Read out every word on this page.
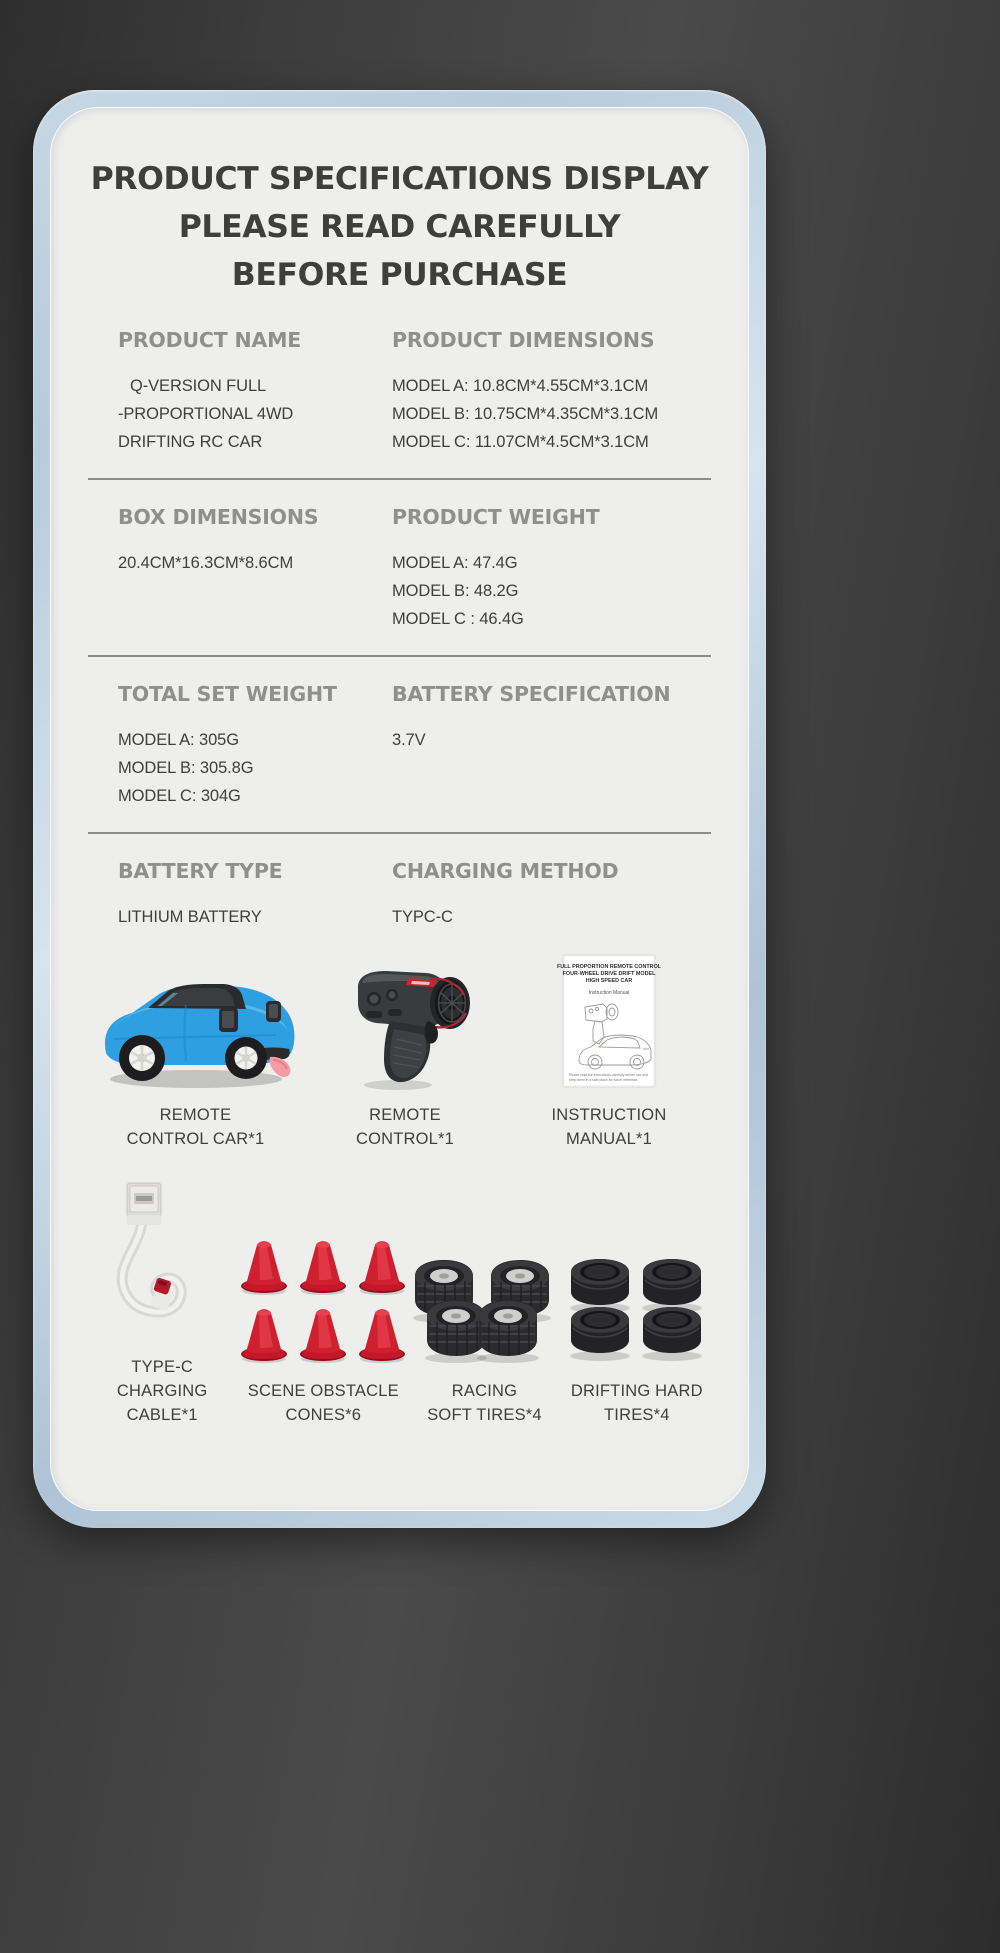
PRODUCT SPECIFICATIONS DISPLAY
PLEASE READ CAREFULLY
BEFORE PURCHASE
PRODUCT NAME
Q-VERSION FULL
-PROPORTIONAL 4WD
DRIFTING RC CAR
PRODUCT DIMENSIONS
MODEL A: 10.8CM*4.55CM*3.1CM
MODEL B: 10.75CM*4.35CM*3.1CM
MODEL C: 11.07CM*4.5CM*3.1CM
BOX DIMENSIONS
20.4CM*16.3CM*8.6CM
PRODUCT WEIGHT
MODEL A: 47.4G
MODEL B: 48.2G
MODEL C : 46.4G
TOTAL SET WEIGHT
MODEL A: 305G
MODEL B: 305.8G
MODEL C: 304G
BATTERY SPECIFICATION
3.7V
BATTERY TYPE
LITHIUM BATTERY
CHARGING METHOD
TYPC-C
REMOTE
CONTROL CAR*1
REMOTE
CONTROL*1
FULL PROPORTION REMOTE CONTROL
FOUR-WHEEL DRIVE DRIFT MODEL
HIGH SPEED CAR
Instruction Manual
Please read the instructions carefully before use and
keep them in a safe place for future reference.
INSTRUCTION
MANUAL*1
TYPE-C CHARGING
CABLE*1
SCENE OBSTACLE
CONES*6
RACING
SOFT TIRES*4
DRIFTING HARD
TIRES*4
